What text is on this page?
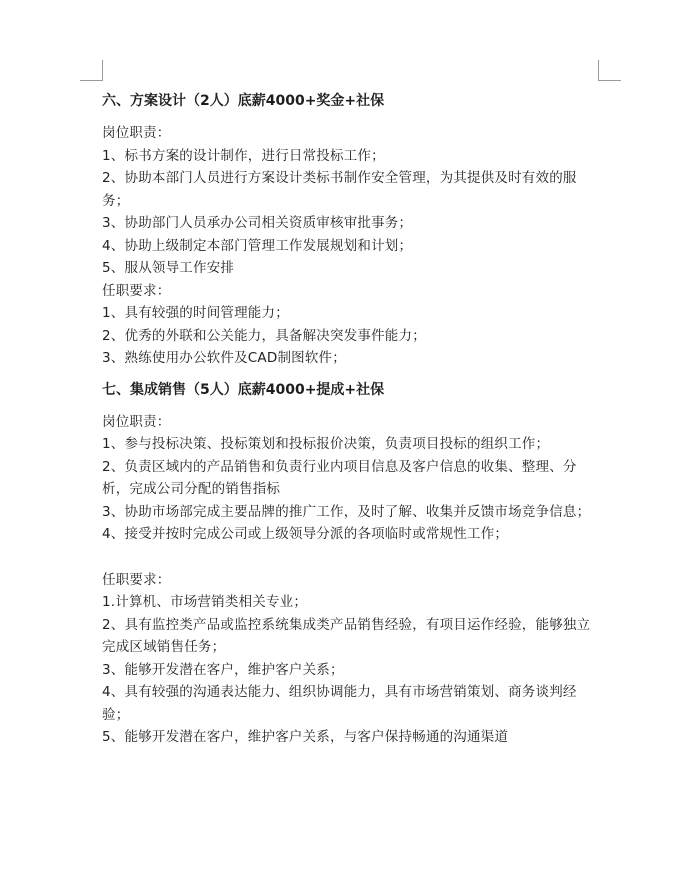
六、方案设计（2人）底薪4000+奖金+社保
岗位职责：
1、标书方案的设计制作，进行日常投标工作；
2、协助本部门人员进行方案设计类标书制作安全管理，为其提供及时有效的服务；
3、协助部门人员承办公司相关资质审核审批事务；
4、协助上级制定本部门管理工作发展规划和计划；
5、服从领导工作安排
任职要求：
1、具有较强的时间管理能力；
2、优秀的外联和公关能力，具备解决突发事件能力；
3、熟练使用办公软件及CAD制图软件；
七、集成销售（5人）底薪4000+提成+社保
岗位职责：
1、参与投标决策、投标策划和投标报价决策，负责项目投标的组织工作；
2、负责区域内的产品销售和负责行业内项目信息及客户信息的收集、整理、分析，完成公司分配的销售指标
3、协助市场部完成主要品牌的推广工作，及时了解、收集并反馈市场竞争信息；
4、接受并按时完成公司或上级领导分派的各项临时或常规性工作；
任职要求：
1.计算机、市场营销类相关专业；
2、具有监控类产品或监控系统集成类产品销售经验，有项目运作经验，能够独立完成区域销售任务；
3、能够开发潜在客户，维护客户关系；
4、具有较强的沟通表达能力、组织协调能力，具有市场营销策划、商务谈判经验；
5、能够开发潜在客户，维护客户关系，与客户保持畅通的沟通渠道
